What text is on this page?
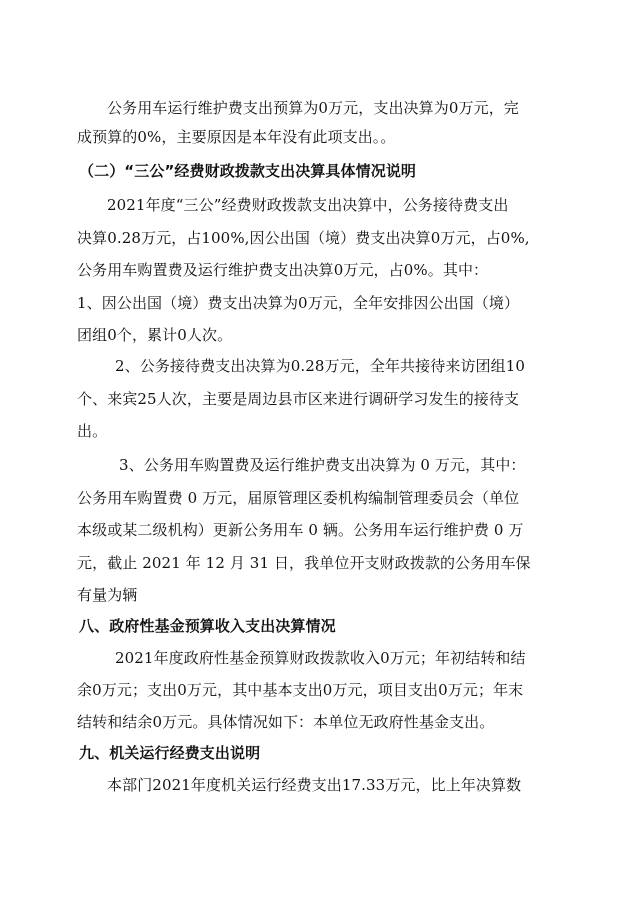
公务用车运行维护费支出预算为0万元，支出决算为0万元，完
成预算的0%，主要原因是本年没有此项支出。。
（二）“三公”经费财政拨款支出决算具体情况说明
2021年度“三公”经费财政拨款支出决算中，公务接待费支出
决算0.28万元，占100%,因公出国（境）费支出决算0万元，占0%,
公务用车购置费及运行维护费支出决算0万元，占0%。其中：
1、因公出国（境）费支出决算为0万元，全年安排因公出国（境）
团组0个，累计0人次。
2、公务接待费支出决算为0.28万元，全年共接待来访团组10
个、来宾25人次，主要是周边县市区来进行调研学习发生的接待支
出。
3、公务用车购置费及运行维护费支出决算为 0 万元，其中：
公务用车购置费 0 万元，届原管理区委机构编制管理委员会（单位
本级或某二级机构）更新公务用车 0 辆。公务用车运行维护费 0 万
元，截止 2021 年 12 月 31 日，我单位开支财政拨款的公务用车保
有量为辆
八、政府性基金预算收入支出决算情况
2021年度政府性基金预算财政拨款收入0万元；年初结转和结
余0万元；支出0万元，其中基本支出0万元，项目支出0万元；年末
结转和结余0万元。具体情况如下：本单位无政府性基金支出。
九、机关运行经费支出说明
本部门2021年度机关运行经费支出17.33万元，比上年决算数
